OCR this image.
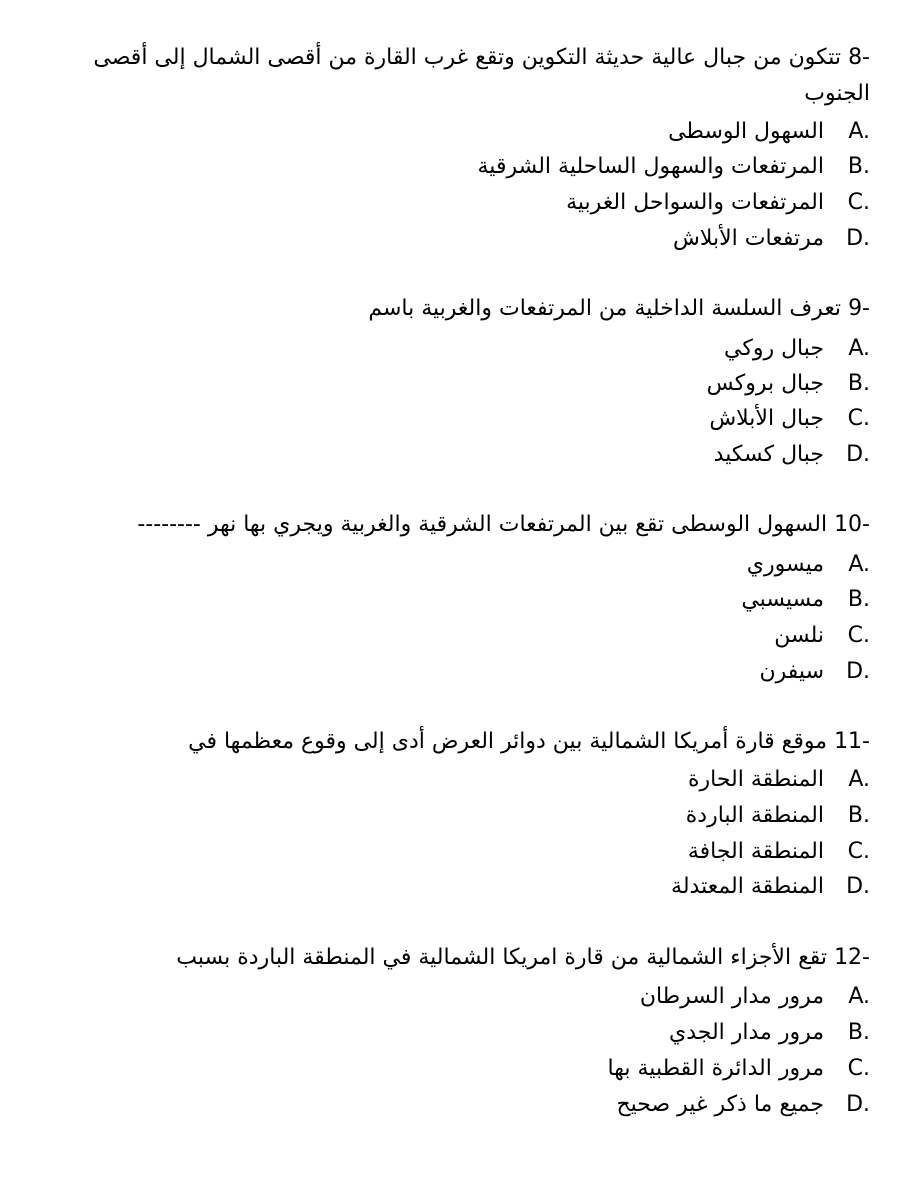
8- تتكون من جبال عالية حديثة التكوين وتقع غرب القارة من أقصى الشمال إلى أقصى الجنوب
السهول الوسطى	A.
المرتفعات والسهول الساحلية الشرقية	B.
المرتفعات والسواحل الغربية	C.
مرتفعات الأبلاش	D.
9- تعرف السلسة الداخلية من المرتفعات والغربية باسم
جبال روكي	A.
جبال بروكس	B.
جبال الأبلاش	C.
جبال كسكيد	D.
10- السهول الوسطى تقع بين المرتفعات الشرقية والغربية ويجري بها نهر --------
ميسوري	A.
مسيسبي	B.
نلسن	C.
سيفرن	D.
11- موقع قارة أمريكا الشمالية بين دوائر العرض أدى إلى وقوع معظمها في
المنطقة الحارة	A.
المنطقة الباردة	B.
المنطقة الجافة	C.
المنطقة المعتدلة	D.
12- تقع الأجزاء الشمالية من قارة امريكا الشمالية في المنطقة الباردة بسبب
مرور مدار السرطان	A.
مرور مدار الجدي	B.
مرور الدائرة القطبية بها	C.
جميع ما ذكر غير صحيح	D.
